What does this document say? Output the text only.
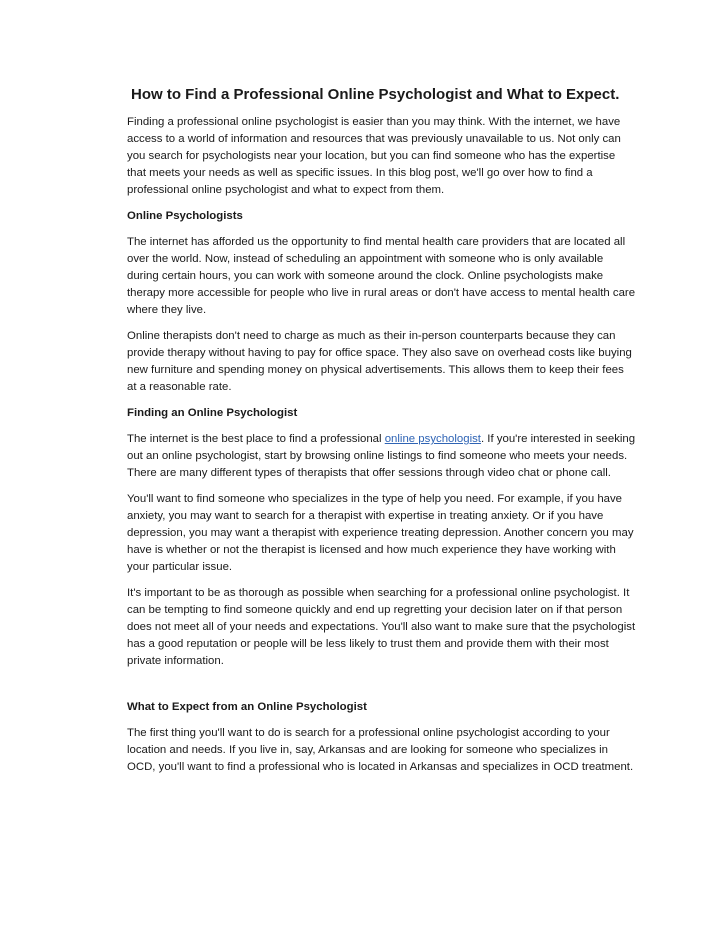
How to Find a Professional Online Psychologist and What to Expect.

Finding a professional online psychologist is easier than you may think. With the internet, we have access to a world of information and resources that was previously unavailable to us. Not only can you search for psychologists near your location, but you can find someone who has the expertise that meets your needs as well as specific issues. In this blog post, we'll go over how to find a professional online psychologist and what to expect from them.

Online Psychologists

The internet has afforded us the opportunity to find mental health care providers that are located all over the world. Now, instead of scheduling an appointment with someone who is only available during certain hours, you can work with someone around the clock. Online psychologists make therapy more accessible for people who live in rural areas or don't have access to mental health care where they live.

Online therapists don't need to charge as much as their in-person counterparts because they can provide therapy without having to pay for office space. They also save on overhead costs like buying new furniture and spending money on physical advertisements. This allows them to keep their fees at a reasonable rate.

Finding an Online Psychologist

The internet is the best place to find a professional online psychologist. If you're interested in seeking out an online psychologist, start by browsing online listings to find someone who meets your needs. There are many different types of therapists that offer sessions through video chat or phone call.

You'll want to find someone who specializes in the type of help you need. For example, if you have anxiety, you may want to search for a therapist with expertise in treating anxiety. Or if you have depression, you may want a therapist with experience treating depression. Another concern you may have is whether or not the therapist is licensed and how much experience they have working with your particular issue.

It's important to be as thorough as possible when searching for a professional online psychologist. It can be tempting to find someone quickly and end up regretting your decision later on if that person does not meet all of your needs and expectations. You'll also want to make sure that the psychologist has a good reputation or people will be less likely to trust them and provide them with their most private information.

What to Expect from an Online Psychologist

The first thing you'll want to do is search for a professional online psychologist according to your location and needs. If you live in, say, Arkansas and are looking for someone who specializes in OCD, you'll want to find a professional who is located in Arkansas and specializes in OCD treatment.
